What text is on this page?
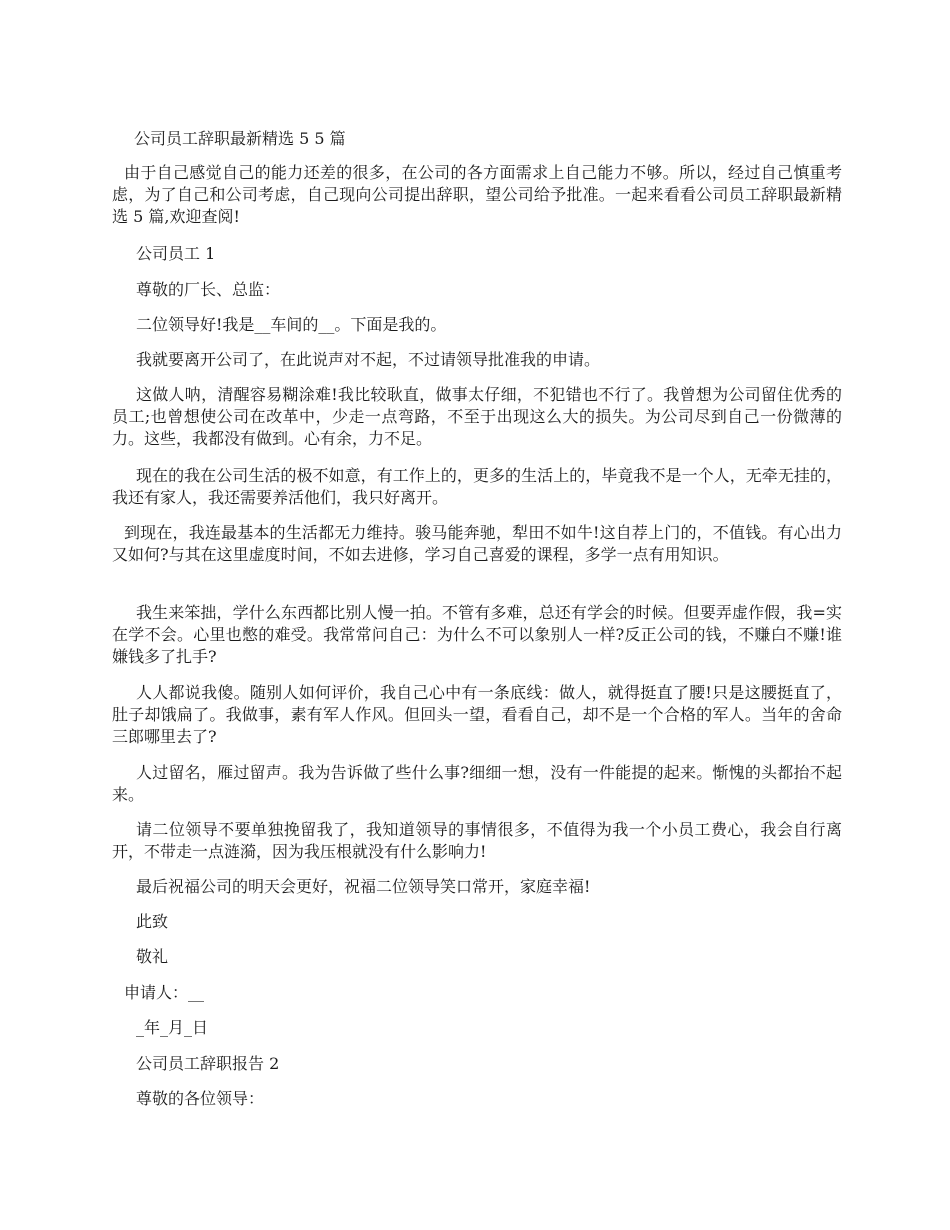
公司员工辞职最新精选 5 5 篇

由于自己感觉自己的能力还差的很多，在公司的各方面需求上自己能力不够。所以，经过自己慎重考虑，为了自己和公司考虑，自己现向公司提出辞职，望公司给予批准。一起来看看公司员工辞职最新精选 5 篇,欢迎查阅!

公司员工 1

尊敬的厂长、总监：

二位领导好!我是__车间的__。下面是我的。

我就要离开公司了，在此说声对不起，不过请领导批准我的申请。

这做人呐，清醒容易糊涂难!我比较耿直，做事太仔细，不犯错也不行了。我曾想为公司留住优秀的员工;也曾想使公司在改革中，少走一点弯路，不至于出现这么大的损失。为公司尽到自己一份微薄的力。这些，我都没有做到。心有余，力不足。

现在的我在公司生活的极不如意，有工作上的，更多的生活上的，毕竟我不是一个人，无牵无挂的，我还有家人，我还需要养活他们，我只好离开。

到现在，我连最基本的生活都无力维持。骏马能奔驰，犁田不如牛!这自荐上门的，不值钱。有心出力又如何?与其在这里虚度时间，不如去进修，学习自己喜爱的课程，多学一点有用知识。

我生来笨拙，学什么东西都比别人慢一拍。不管有多难，总还有学会的时候。但要弄虚作假，我=实在学不会。心里也憋的难受。我常常问自己：为什么不可以象别人一样?反正公司的钱，不赚白不赚!谁嫌钱多了扎手?

人人都说我傻。随别人如何评价，我自己心中有一条底线：做人，就得挺直了腰!只是这腰挺直了，肚子却饿扁了。我做事，素有军人作风。但回头一望，看看自己，却不是一个合格的军人。当年的舍命三郎哪里去了?

人过留名，雁过留声。我为告诉做了些什么事?细细一想，没有一件能提的起来。惭愧的头都抬不起来。

请二位领导不要单独挽留我了，我知道领导的事情很多，不值得为我一个小员工费心，我会自行离开，不带走一点涟漪，因为我压根就没有什么影响力!

最后祝福公司的明天会更好，祝福二位领导笑口常开，家庭幸福!

此致

敬礼

申请人：__

_年_月_日

公司员工辞职报告 2

尊敬的各位领导：
